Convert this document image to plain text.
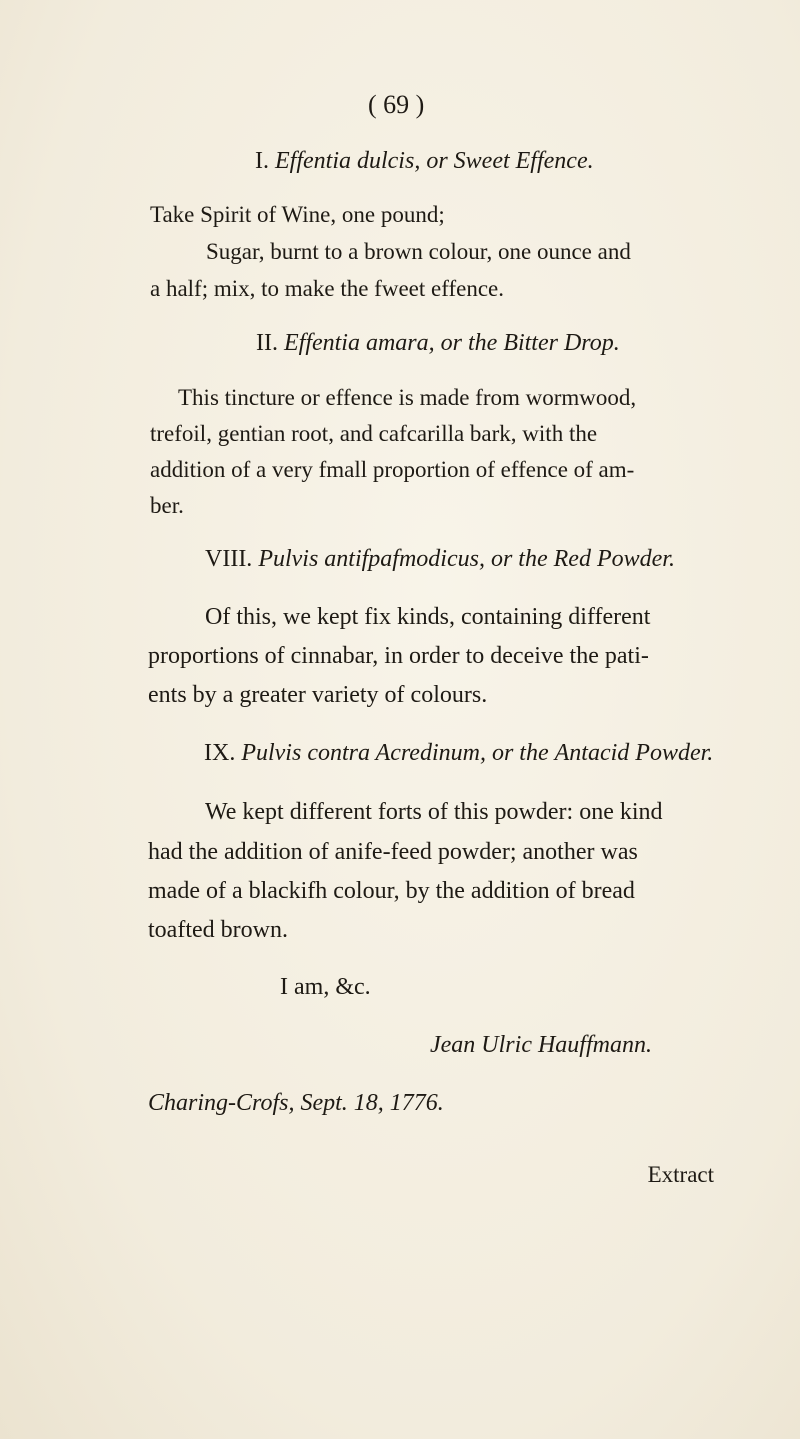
( 69 )
I. Effentia dulcis, or Sweet Effence.
Take Spirit of Wine, one pound;
Sugar, burnt to a brown colour, one ounce and
a half; mix, to make the fweet effence.
II. Effentia amara, or the Bitter Drop.
This tincture or effence is made from wormwood,
trefoil, gentian root, and cafcarilla bark, with the
addition of a very fmall proportion of effence of am-
ber.
VIII. Pulvis antifpafmodicus, or the Red Powder.
Of this, we kept fix kinds, containing different
proportions of cinnabar, in order to deceive the pati-
ents by a greater variety of colours.
IX. Pulvis contra Acredinum, or the Antacid Powder.
We kept different forts of this powder: one kind
had the addition of anife-feed powder; another was
made of a blackifh colour, by the addition of bread
toafted brown.
I am, &c.
Jean Ulric Hauffmann.
Charing-Crofs, Sept. 18, 1776.
Extract
